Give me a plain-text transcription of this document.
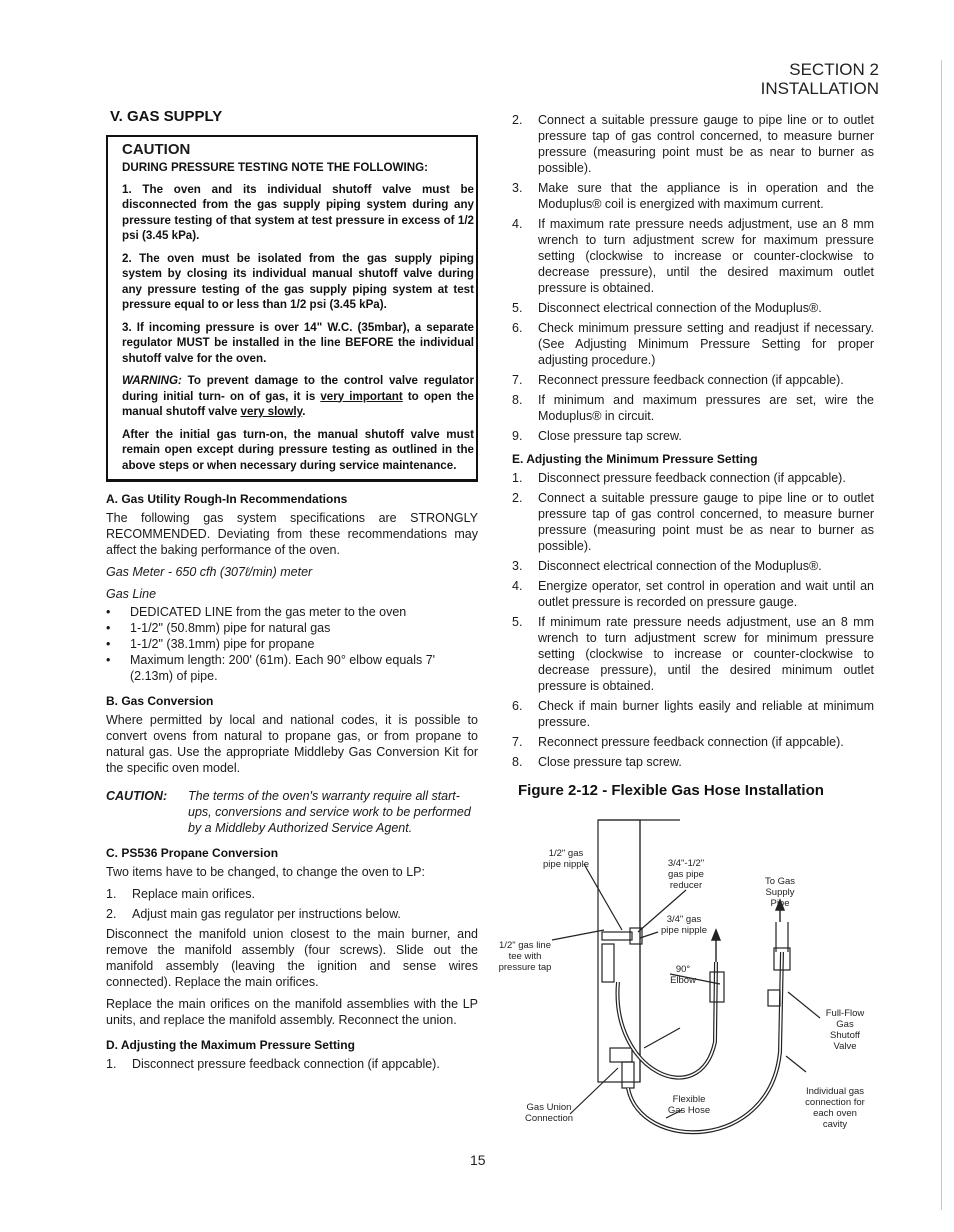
SECTION 2
INSTALLATION
V. GAS SUPPLY
CAUTION
DURING PRESSURE TESTING NOTE THE FOLLOWING:
1. The oven and its individual shutoff valve must be disconnected from the gas supply piping system during any pressure testing of that system at test pressure in excess of 1/2 psi (3.45 kPa).
2. The oven must be isolated from the gas supply piping system by closing its individual manual shutoff valve during any pressure testing of the gas supply piping system at test pressure equal to or less than 1/2 psi (3.45 kPa).
3. If incoming pressure is over 14" W.C. (35mbar), a separate regulator MUST be installed in the line BEFORE the individual shutoff valve for the oven.
WARNING: To prevent damage to the control valve regulator during initial turn- on of gas, it is very important to open the manual shutoff valve very slowly.
After the initial gas turn-on, the manual shutoff valve must remain open except during pressure testing as outlined in the above steps or when necessary during service maintenance.
A. Gas Utility Rough-In Recommendations
The following gas system specifications are STRONGLY RECOMMENDED. Deviating from these recommendations may affect the baking performance of the oven.
Gas Meter - 650 cfh (307ℓ/min) meter
Gas Line
• DEDICATED LINE from the gas meter to the oven
• 1-1/2" (50.8mm) pipe for natural gas
• 1-1/2" (38.1mm) pipe for propane
• Maximum length: 200' (61m). Each 90° elbow equals 7' (2.13m) of pipe.
B. Gas Conversion
Where permitted by local and national codes, it is possible to convert ovens from natural to propane gas, or from propane to natural gas. Use the appropriate Middleby Gas Conversion Kit for the specific oven model.
CAUTION:	The terms of the oven's warranty require all start-ups, conversions and service work to be performed by a Middleby Authorized Service Agent.
C. PS536 Propane Conversion
Two items have to be changed, to change the oven to LP:
1.	Replace main orifices.
2.	Adjust main gas regulator per instructions below.
Disconnect the manifold union closest to the main burner, and remove the manifold assembly (four screws). Slide out the manifold assembly (leaving the ignition and sense wires connected). Replace the main orifices.
Replace the main orifices on the manifold assemblies with the LP units, and replace the manifold assembly. Reconnect the union.
D. Adjusting the Maximum Pressure Setting
1.	Disconnect pressure feedback connection (if appcable).
2.	Connect a suitable pressure gauge to pipe line or to outlet pressure tap of gas control concerned, to measure burner pressure (measuring point must be as near to burner as possible).
3.	Make sure that the appliance is in operation and the Moduplus® coil is energized with maximum current.
4.	If maximum rate pressure needs adjustment, use an 8 mm wrench to turn adjustment screw for maximum pressure setting (clockwise to increase or counter-clockwise to decrease pressure), until the desired maximum outlet pressure is obtained.
5.	Disconnect electrical connection of the Moduplus®.
6.	Check minimum pressure setting and readjust if necessary. (See Adjusting Minimum Pressure Setting for proper adjusting procedure.)
7.	Reconnect pressure feedback connection (if appcable).
8.	If minimum and maximum pressures are set, wire the Moduplus® in circuit.
9.	Close pressure tap screw.
E. Adjusting the Minimum Pressure Setting
1.	Disconnect pressure feedback connection (if appcable).
2.	Connect a suitable pressure gauge to pipe line or to outlet pressure tap of gas control concerned, to measure burner pressure (measuring point must be as near to burner as possible).
3.	Disconnect electrical connection of the Moduplus®.
4.	Energize operator, set control in operation and wait until an outlet pressure is recorded on pressure gauge.
5.	If minimum rate pressure needs adjustment, use an 8 mm wrench to turn adjustment screw for minimum pressure setting (clockwise to increase or counter-clockwise to decrease pressure), until the desired minimum outlet pressure is obtained.
6.	Check if main burner lights easily and reliable at minimum pressure.
7.	Reconnect pressure feedback connection (if appcable).
8.	Close pressure tap screw.
Figure 2-12 - Flexible Gas Hose Installation
1/2" gas
pipe nipple	3/4"-1/2"
gas pipe
reducer	To Gas
Supply
Pipe
3/4" gas
pipe nipple
1/2" gas line
tee with
pressure tap	90°
Elbow
Full-Flow
Gas
Shutoff
Valve
Individual gas
connection for
each oven
cavity
Gas Union
Connection
Flexible
Gas Hose
15
